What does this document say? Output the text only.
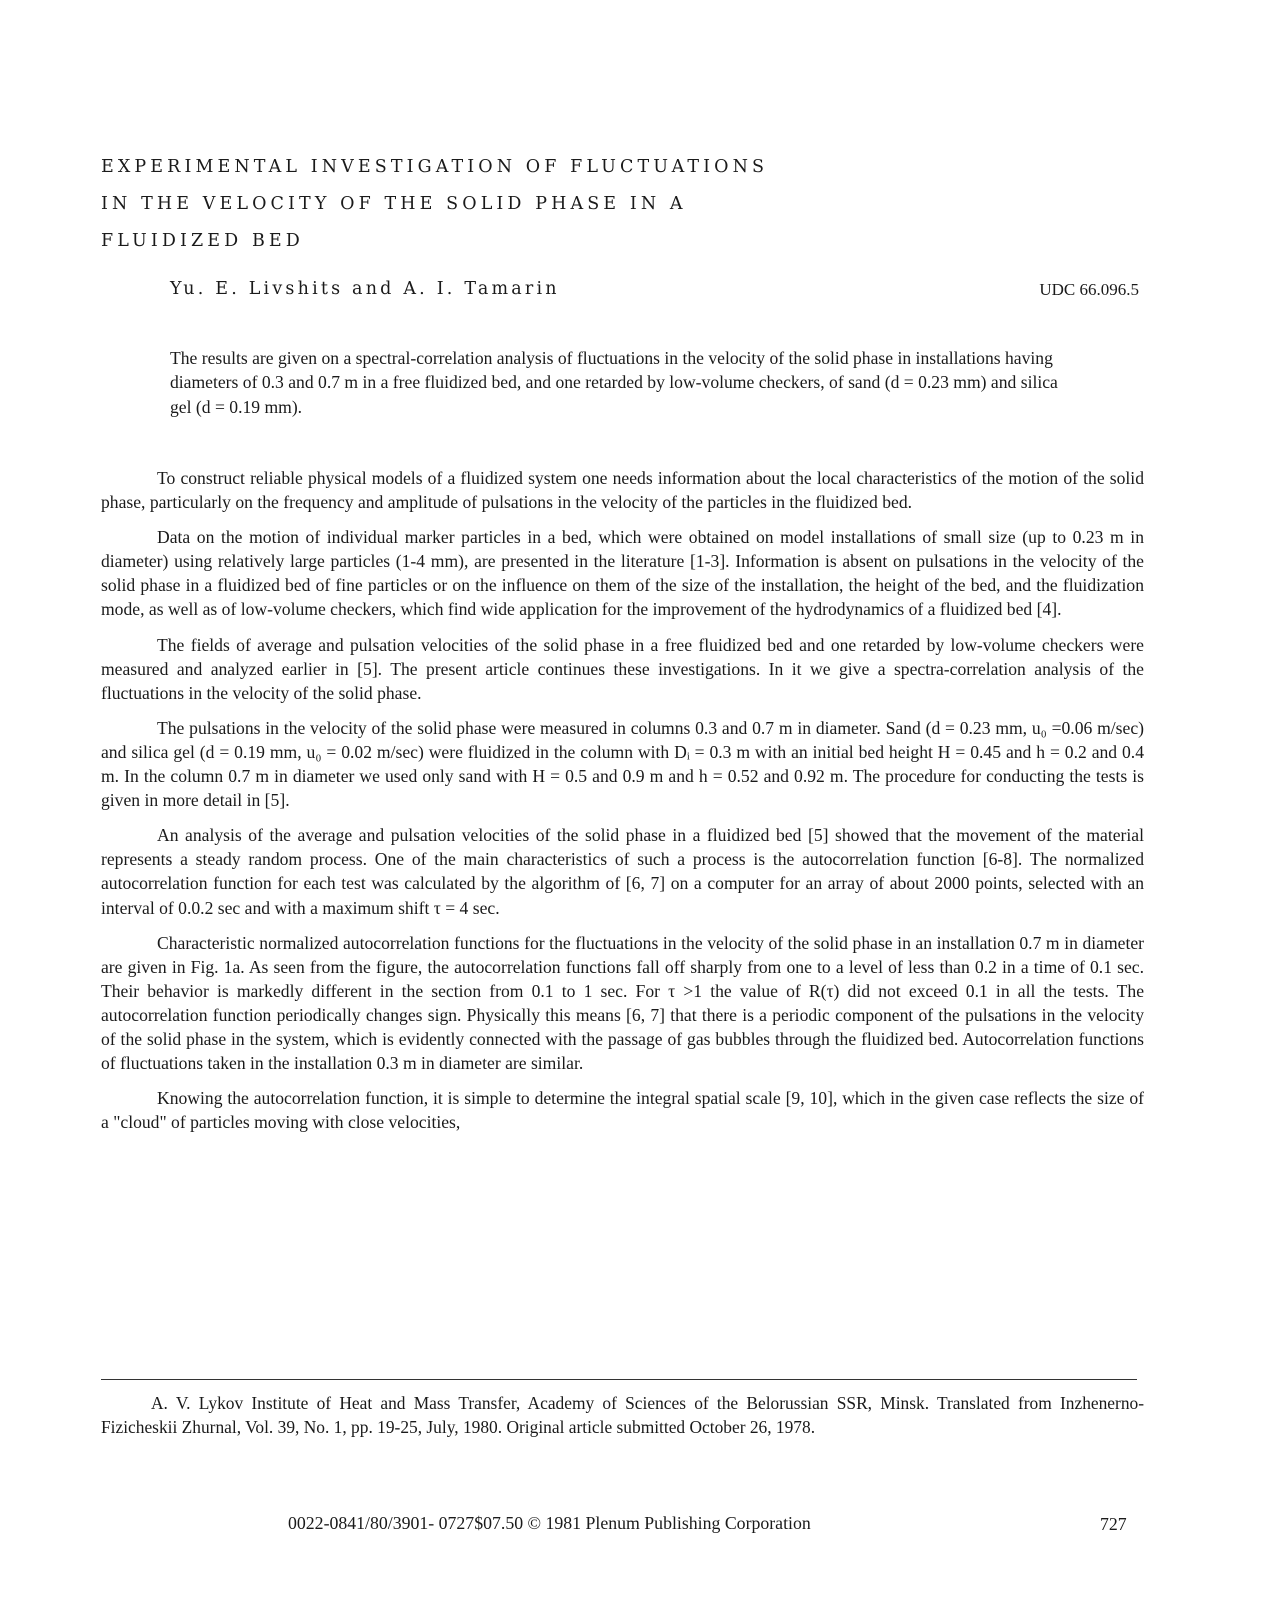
EXPERIMENTAL INVESTIGATION OF FLUCTUATIONS
IN THE VELOCITY OF THE SOLID PHASE IN A
FLUIDIZED BED
Yu. E. Livshits and A. I. Tamarin	UDC 66.096.5

The results are given on a spectral-correlation analysis of fluctuations in the velocity of the solid phase in installations having diameters of 0.3 and 0.7 m in a free fluidized bed, and one retarded by low-volume checkers, of sand (d = 0.23 mm) and silica gel (d = 0.19 mm).

To construct reliable physical models of a fluidized system one needs information about the local characteristics of the motion of the solid phase, particularly on the frequency and amplitude of pulsations in the velocity of the particles in the fluidized bed.

Data on the motion of individual marker particles in a bed, which were obtained on model installations of small size (up to 0.23 m in diameter) using relatively large particles (1-4 mm), are presented in the literature [1-3]. Information is absent on pulsations in the velocity of the solid phase in a fluidized bed of fine particles or on the influence on them of the size of the installation, the height of the bed, and the fluidization mode, as well as of low-volume checkers, which find wide application for the improvement of the hydrodynamics of a fluidized bed [4].

The fields of average and pulsation velocities of the solid phase in a free fluidized bed and one retarded by low-volume checkers were measured and analyzed earlier in [5]. The present article continues these investigations. In it we give a spectra-correlation analysis of the fluctuations in the velocity of the solid phase.

The pulsations in the velocity of the solid phase were measured in columns 0.3 and 0.7 m in diameter. Sand (d = 0.23 mm, u₀ =0.06 m/sec) and silica gel (d = 0.19 mm, u₀ = 0.02 m/sec) were fluidized in the column with Dᵢ = 0.3 m with an initial bed height H = 0.45 and h = 0.2 and 0.4 m. In the column 0.7 m in diameter we used only sand with H = 0.5 and 0.9 m and h = 0.52 and 0.92 m. The procedure for conducting the tests is given in more detail in [5].

An analysis of the average and pulsation velocities of the solid phase in a fluidized bed [5] showed that the movement of the material represents a steady random process. One of the main characteristics of such a process is the autocorrelation function [6-8]. The normalized autocorrelation function for each test was calculated by the algorithm of [6, 7] on a computer for an array of about 2000 points, selected with an interval of 0.0.2 sec and with a maximum shift τ = 4 sec.

Characteristic normalized autocorrelation functions for the fluctuations in the velocity of the solid phase in an installation 0.7 m in diameter are given in Fig. 1a. As seen from the figure, the autocorrelation functions fall off sharply from one to a level of less than 0.2 in a time of 0.1 sec. Their behavior is markedly different in the section from 0.1 to 1 sec. For τ >1 the value of R(τ) did not exceed 0.1 in all the tests. The autocorrelation function periodically changes sign. Physically this means [6, 7] that there is a periodic component of the pulsations in the velocity of the solid phase in the system, which is evidently connected with the passage of gas bubbles through the fluidized bed. Autocorrelation functions of fluctuations taken in the installation 0.3 m in diameter are similar.

Knowing the autocorrelation function, it is simple to determine the integral spatial scale [9, 10], which in the given case reflects the size of a "cloud" of particles moving with close velocities,

A. V. Lykov Institute of Heat and Mass Transfer, Academy of Sciences of the Belorussian SSR, Minsk. Translated from Inzhenerno-Fizicheskii Zhurnal, Vol. 39, No. 1, pp. 19-25, July, 1980. Original article submitted October 26, 1978.

0022-0841/80/3901- 0727$07.50 © 1981 Plenum Publishing Corporation	727
